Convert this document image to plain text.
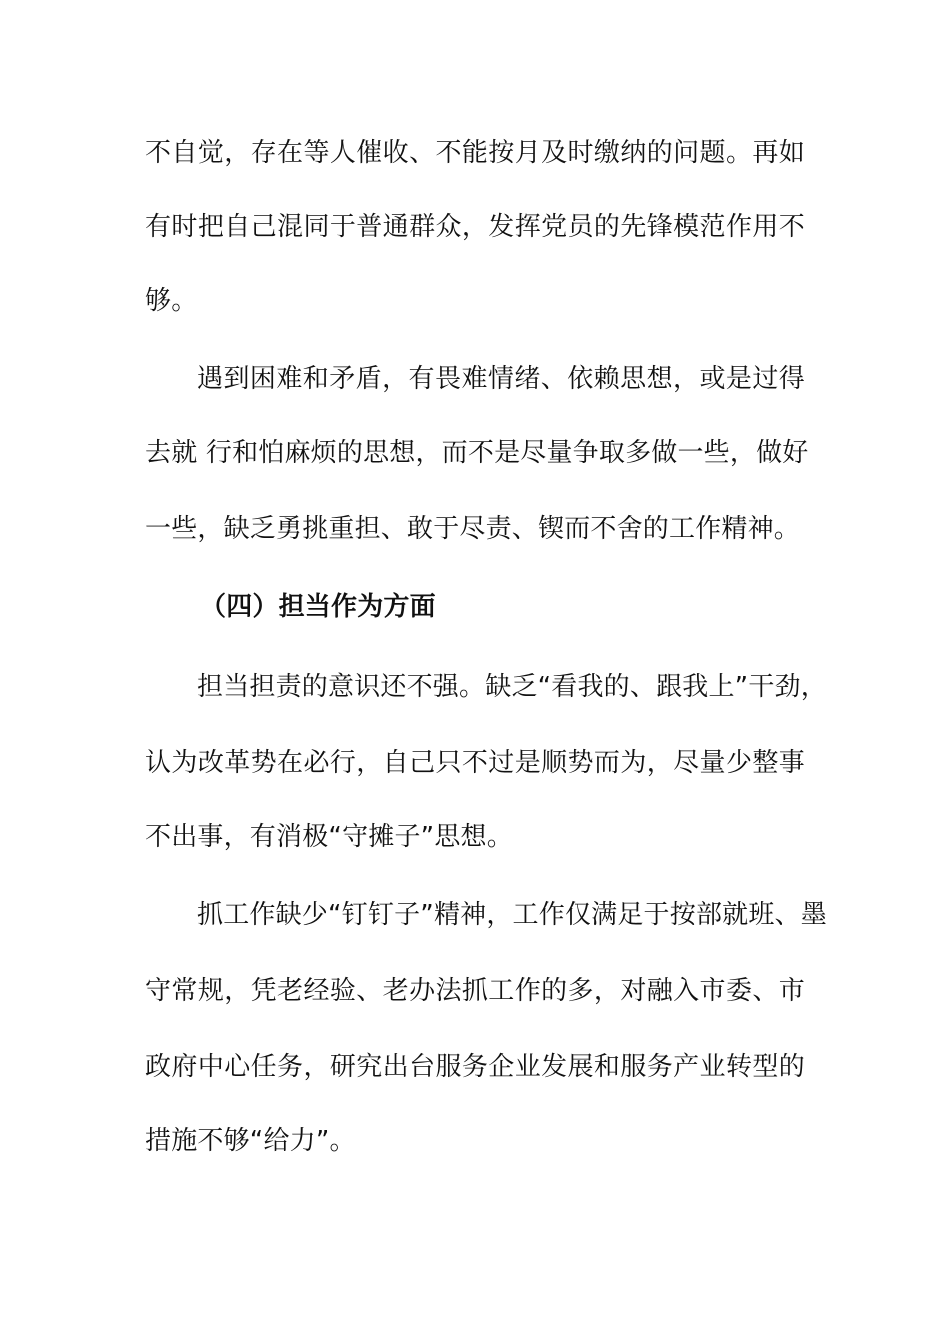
不自觉，存在等人催收、不能按月及时缴纳的问题。再如
有时把自己混同于普通群众，发挥党员的先锋模范作用不
够。
遇到困难和矛盾，有畏难情绪、依赖思想，或是过得
去就 行和怕麻烦的思想，而不是尽量争取多做一些，做好
一些，缺乏勇挑重担、敢于尽责、锲而不舍的工作精神。
（四）担当作为方面
担当担责的意识还不强。缺乏“看我的、跟我上”干劲，
认为改革势在必行，自己只不过是顺势而为，尽量少整事
不出事，有消极“守摊子”思想。
抓工作缺少“钉钉子”精神，工作仅满足于按部就班、墨
守常规，凭老经验、老办法抓工作的多，对融入市委、市
政府中心任务，研究出台服务企业发展和服务产业转型的
措施不够“给力”。
